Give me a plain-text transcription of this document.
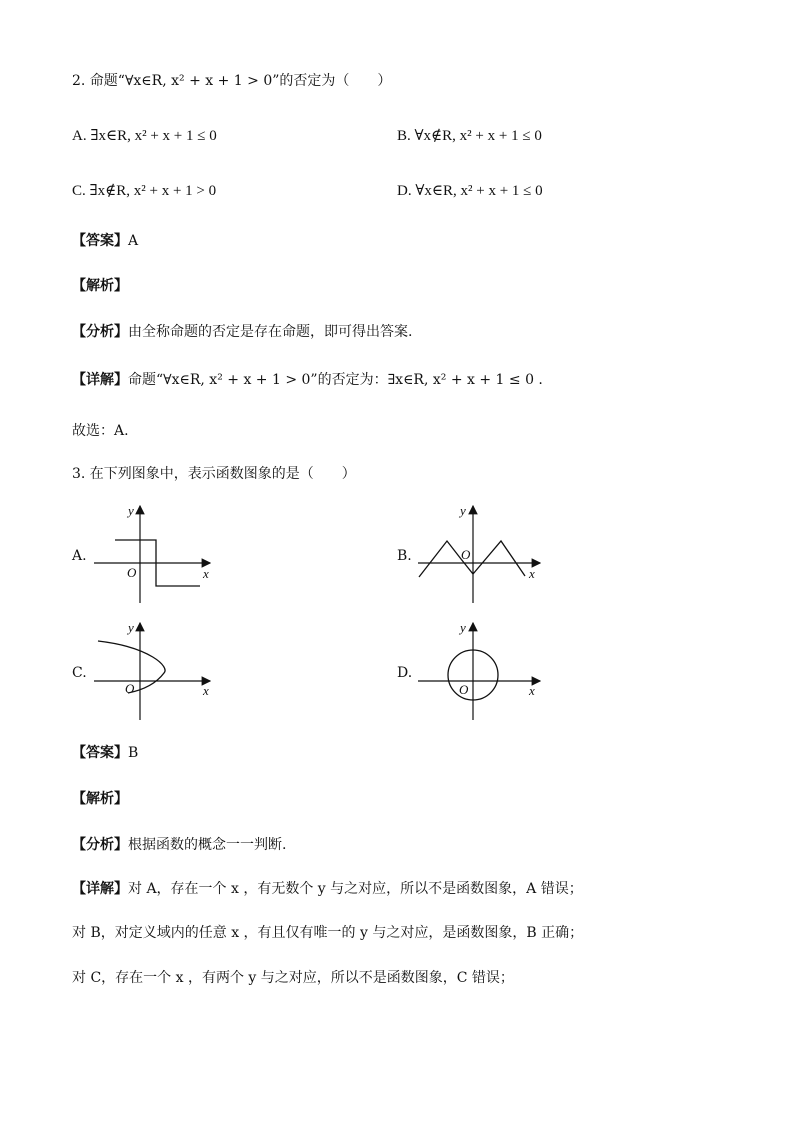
2. 命题“∀x∈R, x² + x + 1 > 0”的否定为（　　）
A. ∃x∈R, x² + x + 1 ≤ 0	B. ∀x∉R, x² + x + 1 ≤ 0
C. ∃x∉R, x² + x + 1 > 0	D. ∀x∈R, x² + x + 1 ≤ 0
【答案】A
【解析】
【分析】由全称命题的否定是存在命题，即可得出答案.
【详解】命题“∀x∈R, x² + x + 1 > 0”的否定为：∃x∈R, x² + x + 1 ≤ 0 .
故选：A.
3. 在下列图象中，表示函数图象的是（　　）
A.	B.
C.	D.
y
x
O
y
x
O
y
x
O
y
x
O
【答案】B
【解析】
【分析】根据函数的概念一一判断.
【详解】对 A，存在一个 x ，有无数个 y 与之对应，所以不是函数图象，A 错误；
对 B，对定义域内的任意 x ，有且仅有唯一的 y 与之对应，是函数图象，B 正确；
对 C，存在一个 x ，有两个 y 与之对应，所以不是函数图象，C 错误；
